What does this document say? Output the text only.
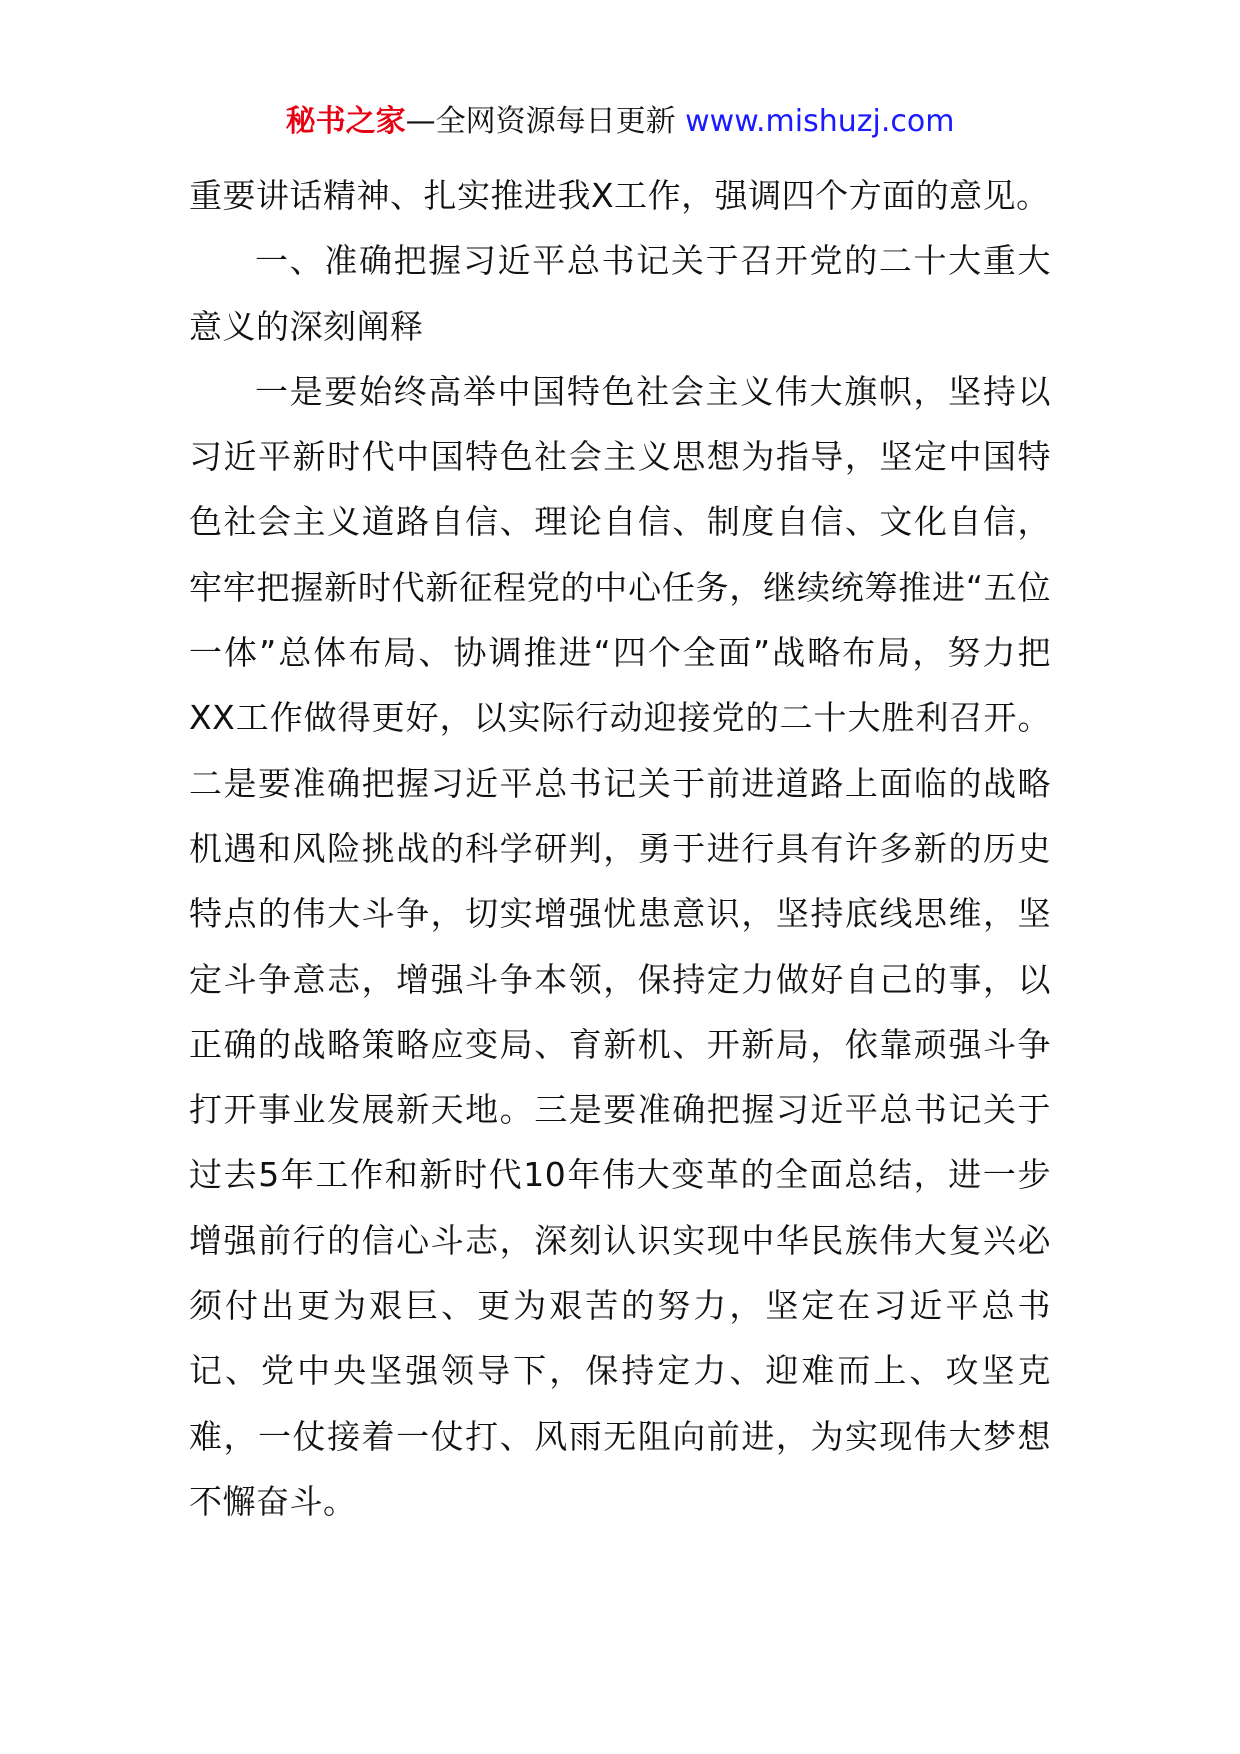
秘书之家—全网资源每日更新 www.mishuzj.com

重要讲话精神、扎实推进我X工作，强调四个方面的意见。

一、准确把握习近平总书记关于召开党的二十大重大意义的深刻阐释

一是要始终高举中国特色社会主义伟大旗帜，坚持以习近平新时代中国特色社会主义思想为指导，坚定中国特色社会主义道路自信、理论自信、制度自信、文化自信，牢牢把握新时代新征程党的中心任务，继续统筹推进“五位一体”总体布局、协调推进“四个全面”战略布局，努力把XX工作做得更好，以实际行动迎接党的二十大胜利召开。二是要准确把握习近平总书记关于前进道路上面临的战略机遇和风险挑战的科学研判，勇于进行具有许多新的历史特点的伟大斗争，切实增强忧患意识，坚持底线思维，坚定斗争意志，增强斗争本领，保持定力做好自己的事，以正确的战略策略应变局、育新机、开新局，依靠顽强斗争打开事业发展新天地。三是要准确把握习近平总书记关于过去5年工作和新时代10年伟大变革的全面总结，进一步增强前行的信心斗志，深刻认识实现中华民族伟大复兴必须付出更为艰巨、更为艰苦的努力，坚定在习近平总书记、党中央坚强领导下，保持定力、迎难而上、攻坚克难，一仗接着一仗打、风雨无阻向前进，为实现伟大梦想不懈奋斗。
